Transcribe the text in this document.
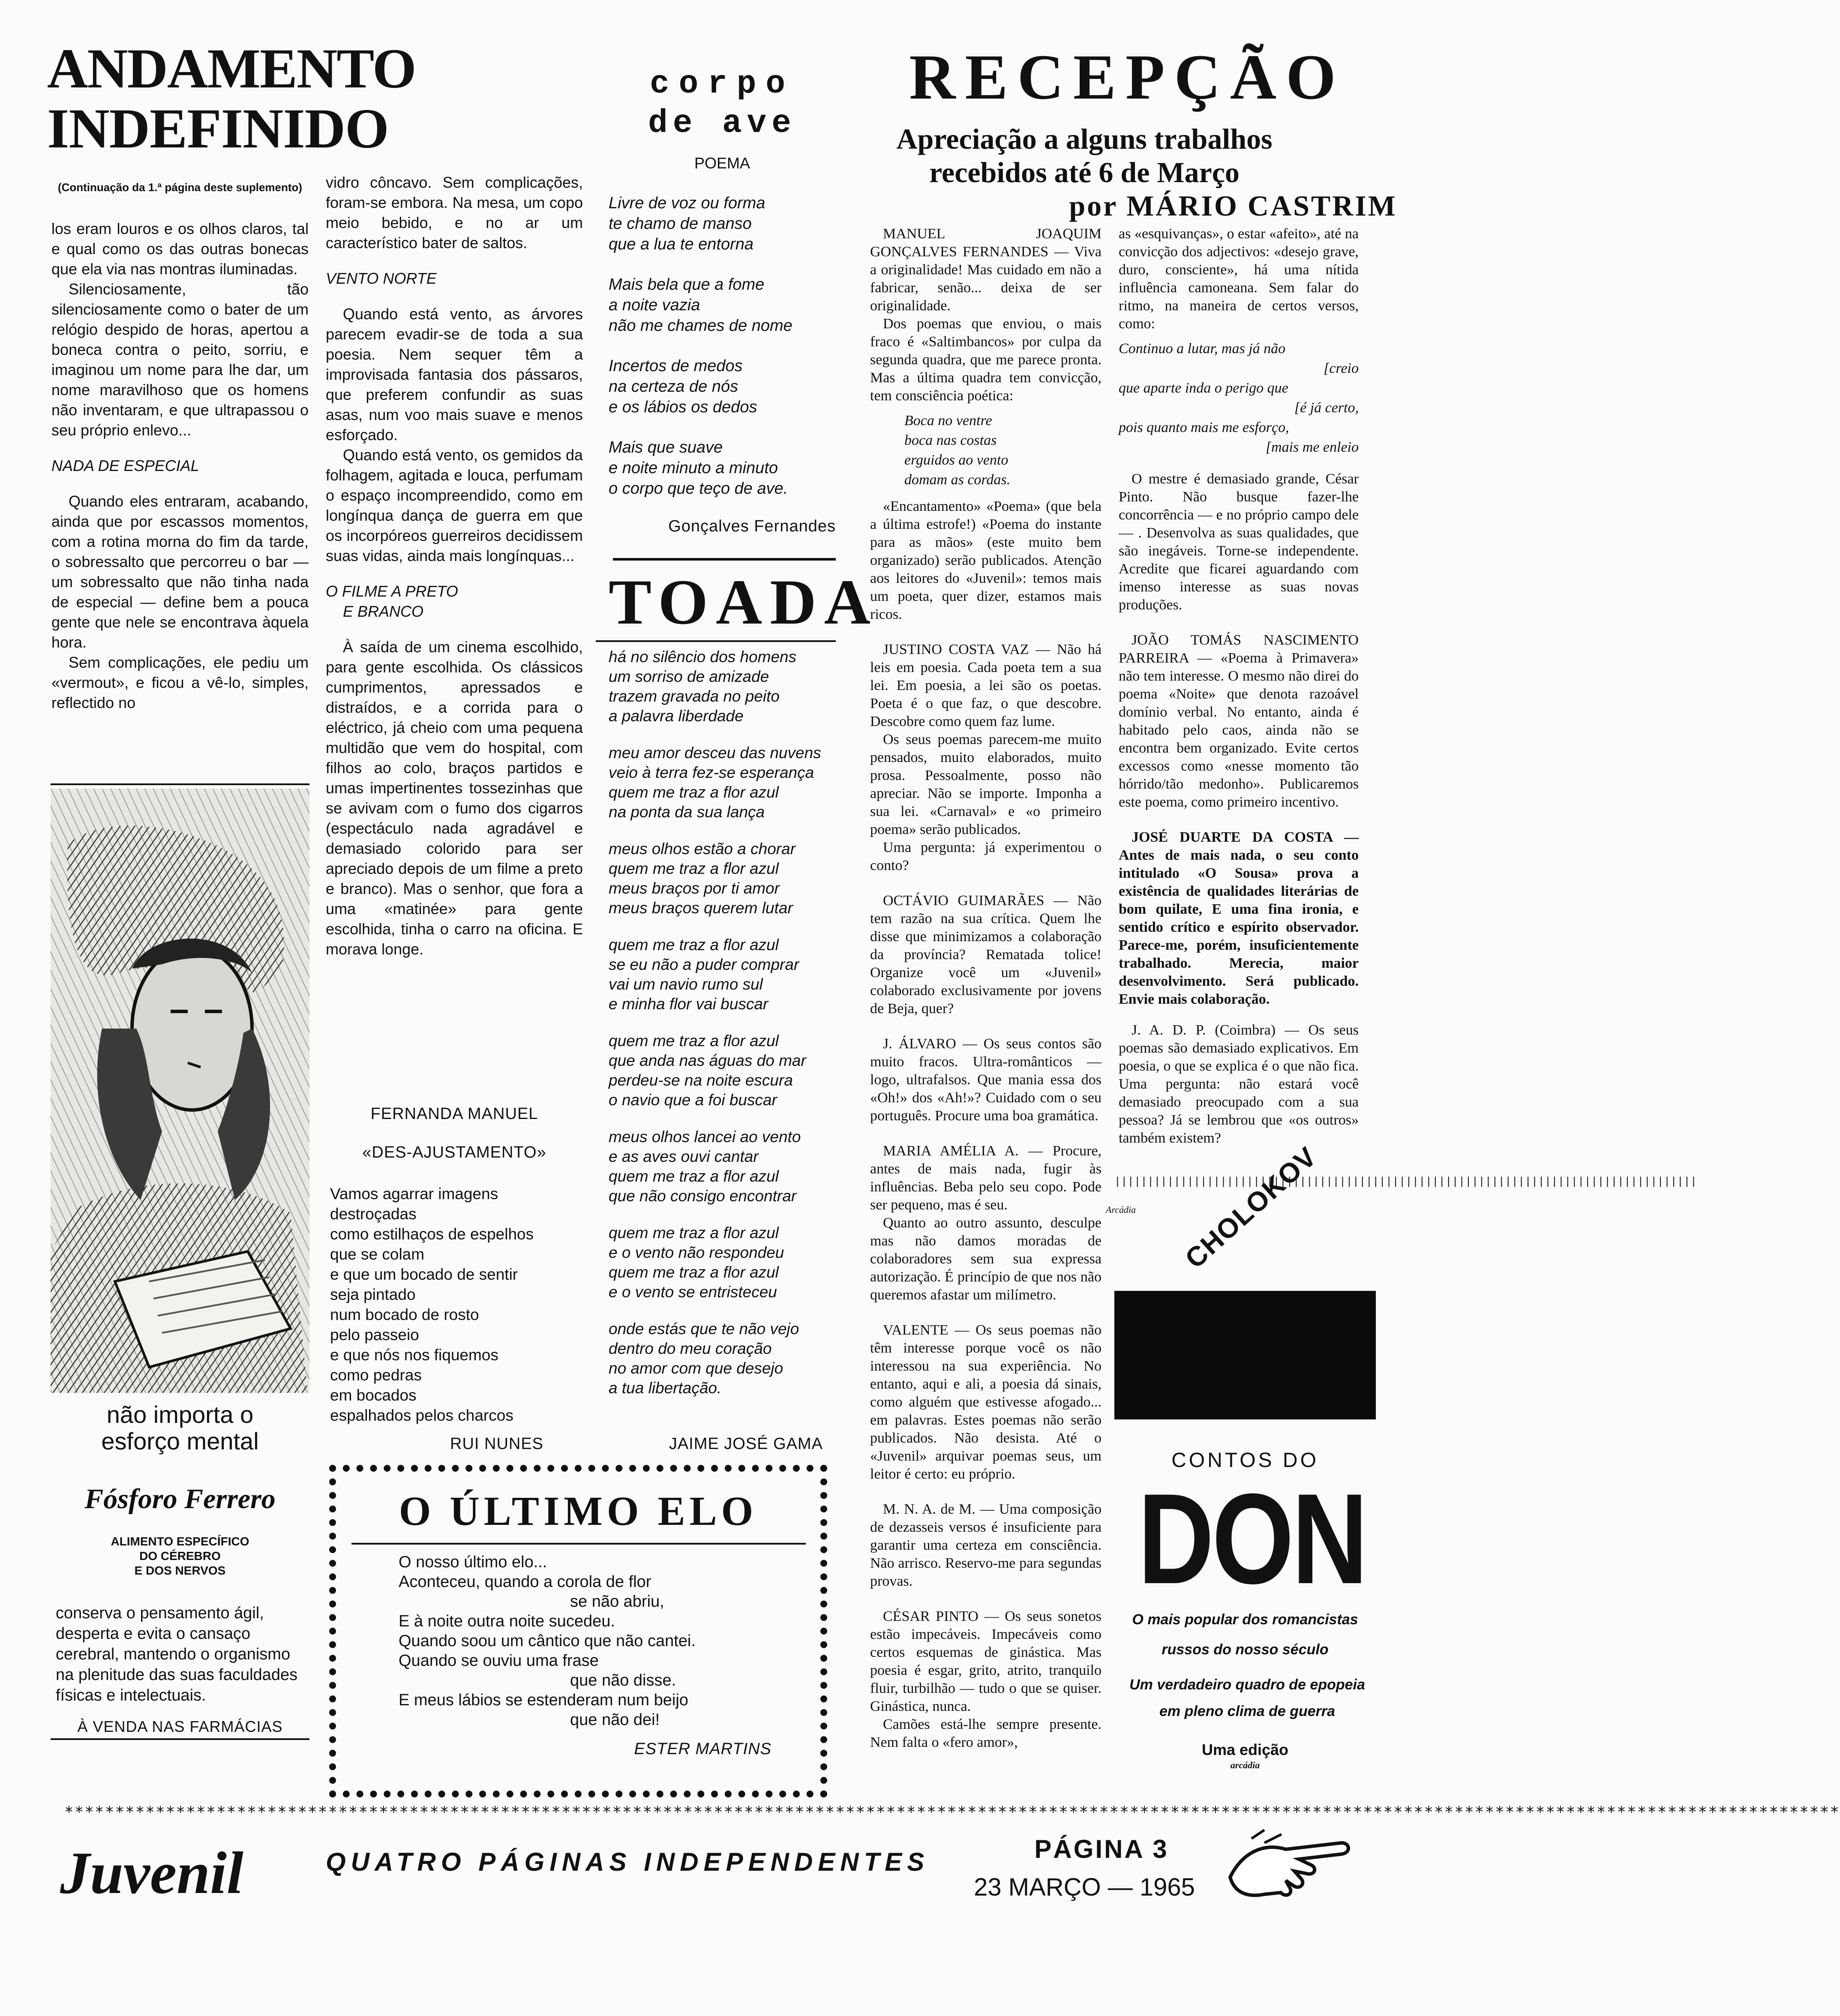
ANDAMENTO
INDEFINIDO
(Continuação da 1.ª página deste suplemento)

los eram louros e os olhos claros, tal e qual como os das outras bonecas que ela via nas montras iluminadas.

Silenciosamente, tão silenciosamente como o bater de um relógio despido de horas, apertou a boneca contra o peito, sorriu, e imaginou um nome para lhe dar, um nome maravilhoso que os homens não inventaram, e que ultrapassou o seu próprio enlevo...

NADA DE ESPECIAL

Quando eles entraram, acabando, ainda que por escassos momentos, com a rotina morna do fim da tarde, o sobressalto que percorreu o bar — um sobressalto que não tinha nada de especial — define bem a pouca gente que nele se encontrava àquela hora.

Sem complicações, ele pediu um «vermout», e ficou a vê-lo, simples, reflectido no

não importa o
esforço mental
Fósforo Ferrero
ALIMENTO ESPECÍFICO
DO CÉREBRO
E DOS NERVOS
conserva o pensamento ágil, desperta e evita o cansaço cerebral, mantendo o organismo na plenitude das suas faculdades físicas e intelectuais.
À VENDA NAS FARMÁCIAS

vidro côncavo. Sem complicações, foram-se embora. Na mesa, um copo meio bebido, e no ar um característico bater de saltos.

VENTO NORTE

Quando está vento, as árvores parecem evadir-se de toda a sua poesia. Nem sequer têm a improvisada fantasia dos pássaros, que preferem confundir as suas asas, num voo mais suave e menos esforçado.

Quando está vento, os gemidos da folhagem, agitada e louca, perfumam o espaço incompreendido, como em longínqua dança de guerra em que os incorpóreos guerreiros decidissem suas vidas, ainda mais longínquas...

O FILME A PRETO

E BRANCO

À saída de um cinema escolhido, para gente escolhida. Os clássicos cumprimentos, apressados e distraídos, e a corrida para o eléctrico, já cheio com uma pequena multidão que vem do hospital, com filhos ao colo, braços partidos e umas impertinentes tossezinhas que se avivam com o fumo dos cigarros (espectáculo nada agradável e demasiado colorido para ser apreciado depois de um filme a preto e branco). Mas o senhor, que fora a uma «matinée» para gente escolhida, tinha o carro na oficina. E morava longe.

FERNANDA MANUEL
«DES-AJUSTAMENTO»
Vamos agarrar imagens
destroçadas
como estilhaços de espelhos
que se colam
e que um bocado de sentir
seja pintado
num bocado de rosto
pelo passeio
e que nós nos fiquemos
como pedras
em bocados
espalhados pelos charcos
RUI NUNES
corpo
de ave
POEMA
Livre de voz ou forma
te chamo de manso
que a lua te entorna
Mais bela que a fome
a noite vazia
não me chames de nome
Incertos de medos
na certeza de nós
e os lábios os dedos
Mais que suave
e noite minuto a minuto
o corpo que teço de ave.
Gonçalves Fernandes
TOADA
há no silêncio dos homens
um sorriso de amizade
trazem gravada no peito
a palavra liberdade
meu amor desceu das nuvens
veio à terra fez-se esperança
quem me traz a flor azul
na ponta da sua lança
meus olhos estão a chorar
quem me traz a flor azul
meus braços por ti amor
meus braços querem lutar
quem me traz a flor azul
se eu não a puder comprar
vai um navio rumo sul
e minha flor vai buscar
quem me traz a flor azul
que anda nas águas do mar
perdeu-se na noite escura
o navio que a foi buscar
meus olhos lancei ao vento
e as aves ouvi cantar
quem me traz a flor azul
que não consigo encontrar
quem me traz a flor azul
e o vento não respondeu
quem me traz a flor azul
e o vento se entristeceu
onde estás que te não vejo
dentro do meu coração
no amor com que desejo
a tua libertação.
JAIME JOSÉ GAMA
O ÚLTIMO ELO
O nosso último elo...
Aconteceu, quando a corola de flor
se não abriu,
E à noite outra noite sucedeu.
Quando soou um cântico que não cantei.
Quando se ouviu uma frase
que não disse.
E meus lábios se estenderam num beijo
que não dei!
ESTER MARTINS
RECEPÇÃO
Apreciação a alguns trabalhos
recebidos até 6 de Março
por MÁRIO CASTRIM

MANUEL JOAQUIM GONÇALVES FERNANDES — Viva a originalidade! Mas cuidado em não a fabricar, senão... deixa de ser originalidade.

Dos poemas que enviou, o mais fraco é «Saltimbancos» por culpa da segunda quadra, que me parece pronta. Mas a última quadra tem convicção, tem consciência poética:

Boca no ventre
boca nas costas
erguidos ao vento
domam as cordas.

«Encantamento» «Poema» (que bela a última estrofe!) «Poema do instante para as mãos» (este muito bem organizado) serão publicados. Atenção aos leitores do «Juvenil»: temos mais um poeta, quer dizer, estamos mais ricos.

JUSTINO COSTA VAZ — Não há leis em poesia. Cada poeta tem a sua lei. Em poesia, a lei são os poetas. Poeta é o que faz, o que descobre. Descobre como quem faz lume.

Os seus poemas parecem-me muito pensados, muito elaborados, muito prosa. Pessoalmente, posso não apreciar. Não se importe. Imponha a sua lei. «Carnaval» e «o primeiro poema» serão publicados.

Uma pergunta: já experimentou o conto?

OCTÁVIO GUIMARÃES — Não tem razão na sua crítica. Quem lhe disse que minimizamos a colaboração da província? Rematada tolice! Organize você um «Juvenil» colaborado exclusivamente por jovens de Beja, quer?

J. ÁLVARO — Os seus contos são muito fracos. Ultra-românticos — logo, ultrafalsos. Que mania essa dos «Oh!» dos «Ah!»? Cuidado com o seu português. Procure uma boa gramática.

MARIA AMÉLIA A. — Procure, antes de mais nada, fugir às influências. Beba pelo seu copo. Pode ser pequeno, mas é seu.

Quanto ao outro assunto, desculpe mas não damos moradas de colaboradores sem sua expressa autorização. É princípio de que nos não queremos afastar um milímetro.

VALENTE — Os seus poemas não têm interesse porque você os não interessou na sua experiência. No entanto, aqui e ali, a poesia dá sinais, como alguém que estivesse afogado... em palavras. Estes poemas não serão publicados. Não desista. Até o «Juvenil» arquivar poemas seus, um leitor é certo: eu próprio.

M. N. A. de M. — Uma composição de dezasseis versos é insuficiente para garantir uma certeza em consciência. Não arrisco. Reservo-me para segundas provas.

CÉSAR PINTO — Os seus sonetos estão impecáveis. Impecáveis como certos esquemas de ginástica. Mas poesia é esgar, grito, atrito, tranquilo fluir, turbilhão — tudo o que se quiser. Ginástica, nunca.

Camões está-lhe sempre presente. Nem falta o «fero amor»,

as «esquivanças», o estar «afeito», até na convicção dos adjectivos: «desejo grave, duro, consciente», há uma nítida influência camoneana. Sem falar do ritmo, na maneira de certos versos, como:

Continuo a lutar, mas já não
[creio
que aparte inda o perigo que
[é já certo,
pois quanto mais me esforço,
[mais me enleio

O mestre é demasiado grande, César Pinto. Não busque fazer-lhe concorrência — e no próprio campo dele — . Desenvolva as suas qualidades, que são inegáveis. Torne-se independente. Acredite que ficarei aguardando com imenso interesse as suas novas produções.

JOÃO TOMÁS NASCIMENTO PARREIRA — «Poema à Primavera» não tem interesse. O mesmo não direi do poema «Noite» que denota razoável domínio verbal. No entanto, ainda é habitado pelo caos, ainda não se encontra bem organizado. Evite certos excessos como «nesse momento tão hórrido/tão medonho». Publicaremos este poema, como primeiro incentivo.

JOSÉ DUARTE DA COSTA — Antes de mais nada, o seu conto intitulado «O Sousa» prova a existência de qualidades literárias de bom quilate, E uma fina ironia, e sentido crítico e espírito observador. Parece-me, porém, insuficientemente trabalhado. Merecia, maior desenvolvimento. Será publicado. Envie mais colaboração.

J. A. D. P. (Coimbra) — Os seus poemas são demasiado explicativos. Em poesia, o que se explica é o que não fica. Uma pergunta: não estará você demasiado preocupado com a sua pessoa? Já se lembrou que «os outros» também existem?

||||||||||||||||||||||||||||||||||||||||||||||||||||||||||||||||||||||||||||||||||||||||
Arcádia CHOLOKOV
CONTOS DO
DON
O mais popular dos romancistas
russos do nosso século
Um verdadeiro quadro de epopeia em pleno clima de guerra
Uma edição
arcádia
*******************************************************************************************************************************************************************************
Juvenil	QUATRO PÁGINAS INDEPENDENTES	PÁGINA 3
23 MARÇO — 1965
